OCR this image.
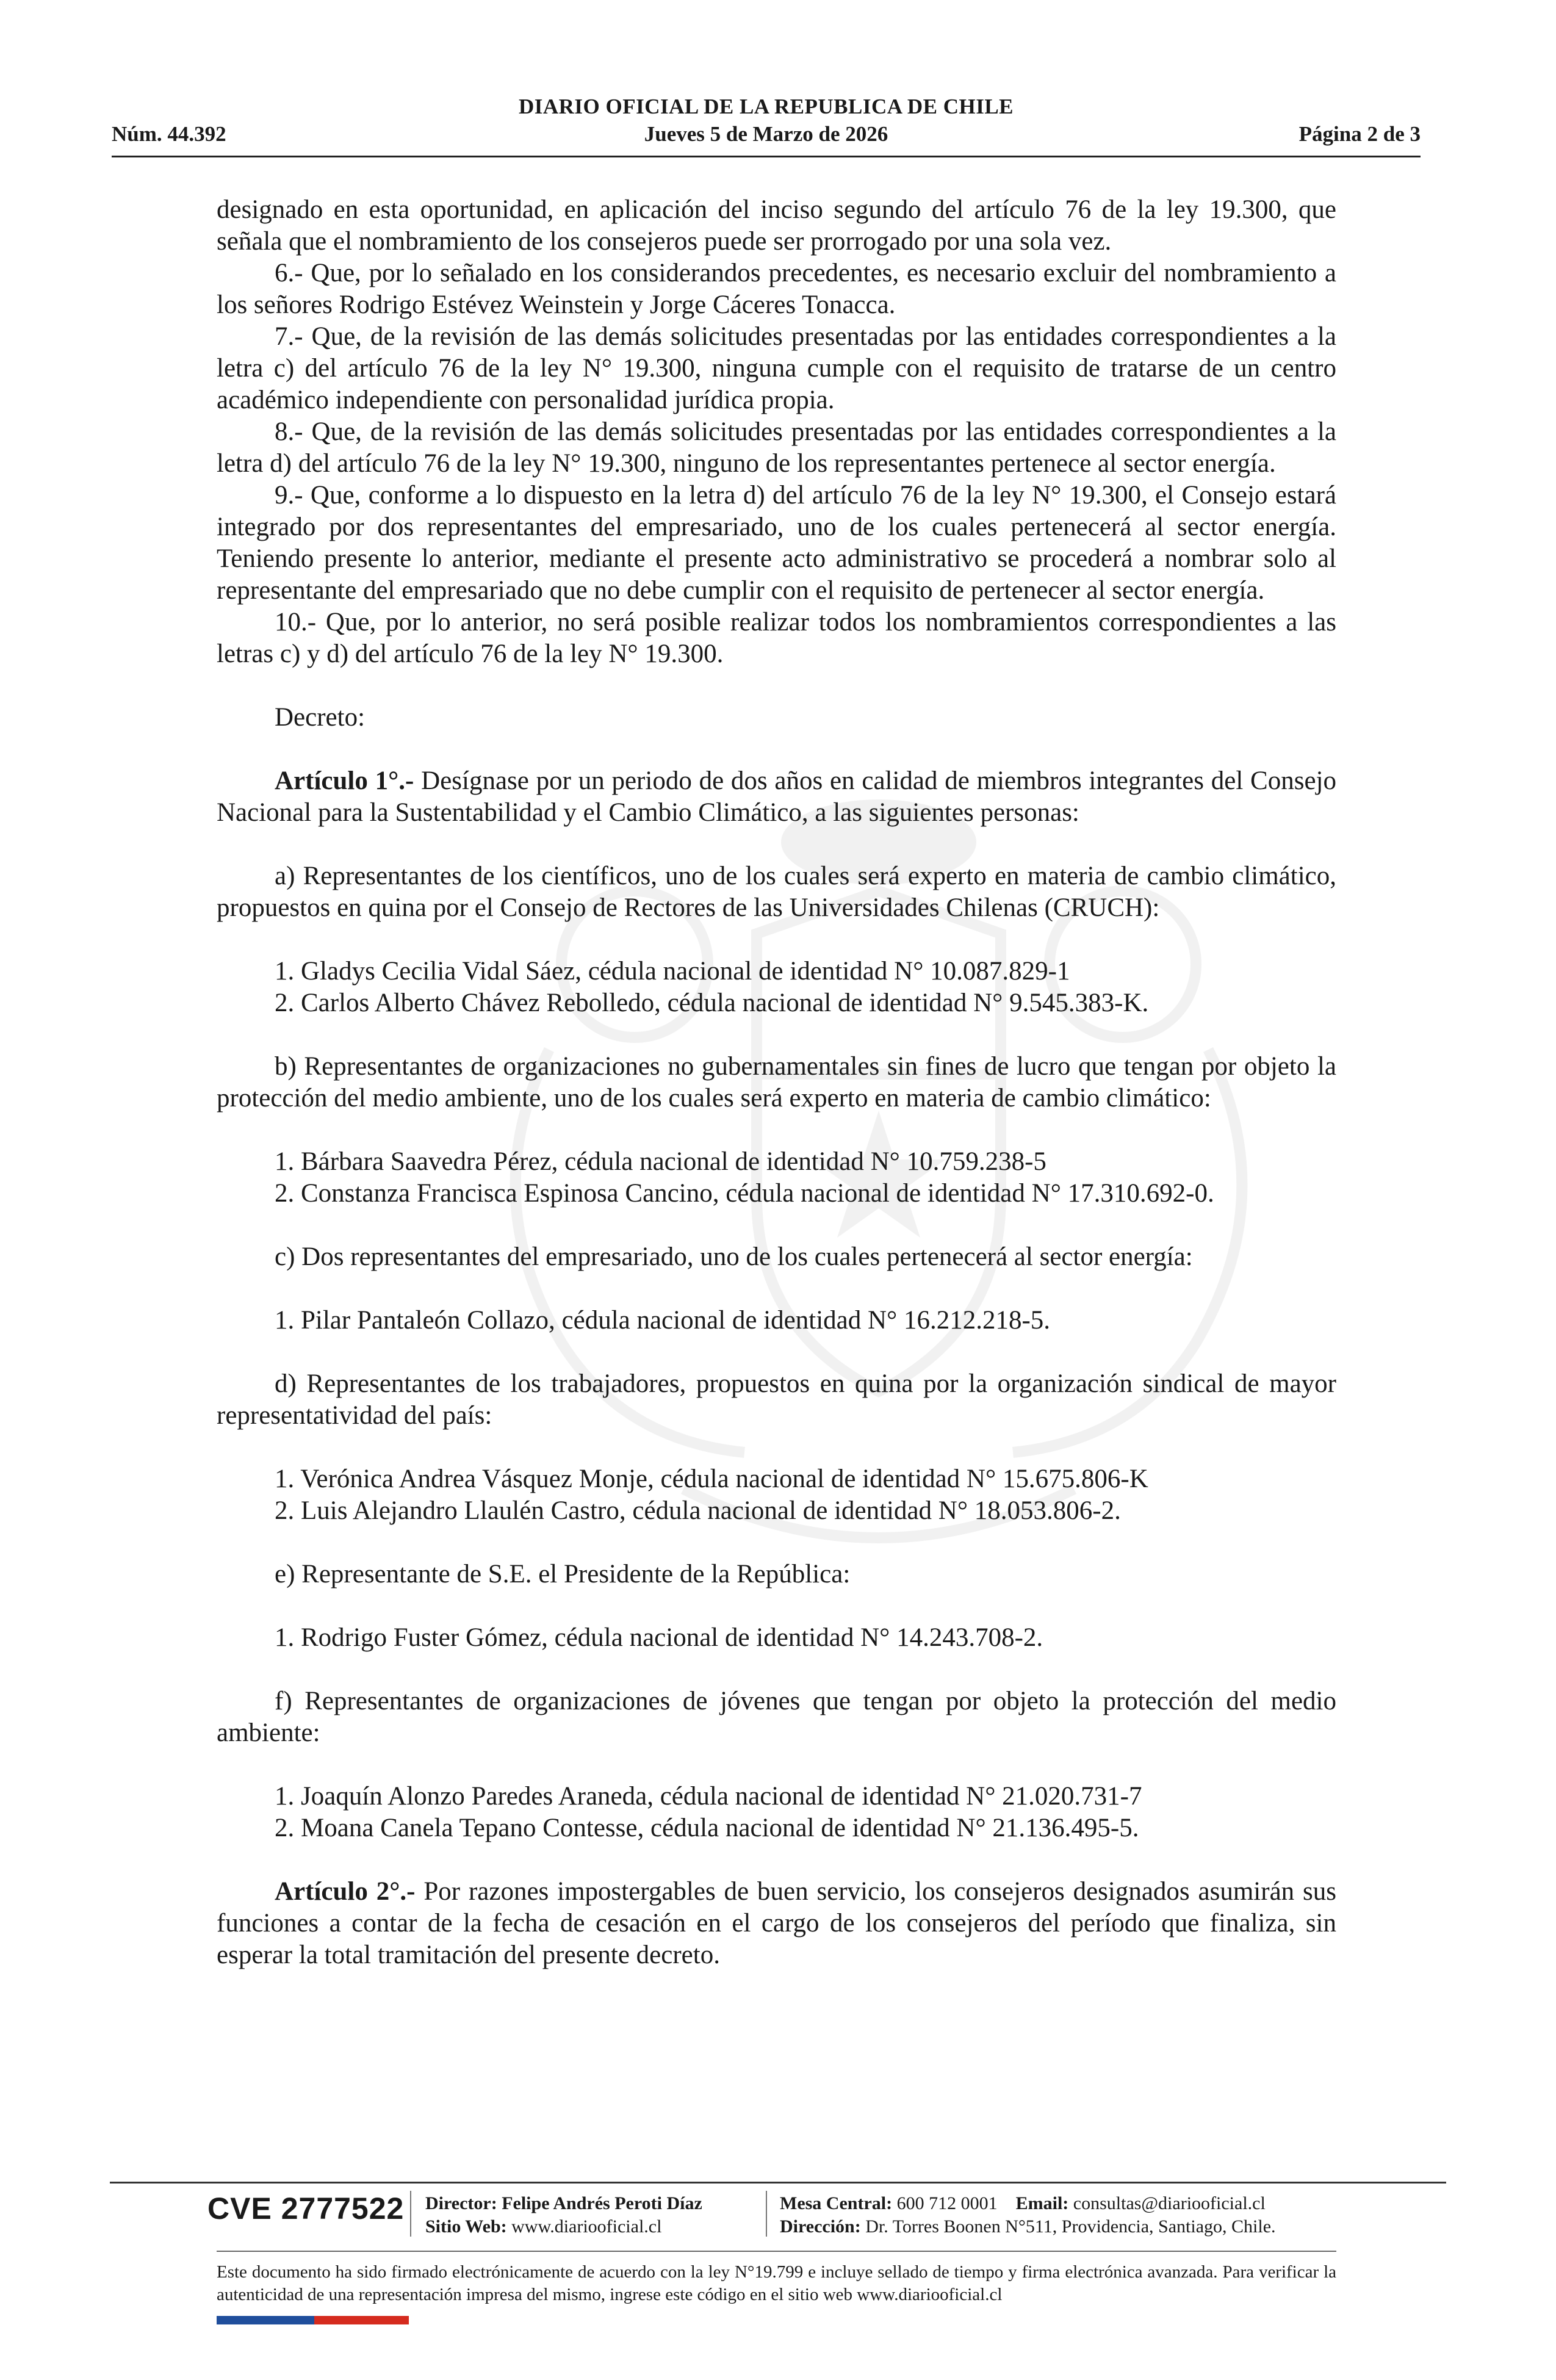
DIARIO OFICIAL DE LA REPUBLICA DE CHILE
Núm. 44.392	Jueves 5 de Marzo de 2026	Página 2 de 3

designado en esta oportunidad, en aplicación del inciso segundo del artículo 76 de la ley 19.300, que señala que el nombramiento de los consejeros puede ser prorrogado por una sola vez.

6.- Que, por lo señalado en los considerandos precedentes, es necesario excluir del nombramiento a los señores Rodrigo Estévez Weinstein y Jorge Cáceres Tonacca.

7.- Que, de la revisión de las demás solicitudes presentadas por las entidades correspondientes a la letra c) del artículo 76 de la ley N° 19.300, ninguna cumple con el requisito de tratarse de un centro académico independiente con personalidad jurídica propia.

8.- Que, de la revisión de las demás solicitudes presentadas por las entidades correspondientes a la letra d) del artículo 76 de la ley N° 19.300, ninguno de los representantes pertenece al sector energía.

9.- Que, conforme a lo dispuesto en la letra d) del artículo 76 de la ley N° 19.300, el Consejo estará integrado por dos representantes del empresariado, uno de los cuales pertenecerá al sector energía. Teniendo presente lo anterior, mediante el presente acto administrativo se procederá a nombrar solo al representante del empresariado que no debe cumplir con el requisito de pertenecer al sector energía.

10.- Que, por lo anterior, no será posible realizar todos los nombramientos correspondientes a las letras c) y d) del artículo 76 de la ley N° 19.300.

Decreto:

Artículo 1°.- Desígnase por un periodo de dos años en calidad de miembros integrantes del Consejo Nacional para la Sustentabilidad y el Cambio Climático, a las siguientes personas:

a) Representantes de los científicos, uno de los cuales será experto en materia de cambio climático, propuestos en quina por el Consejo de Rectores de las Universidades Chilenas (CRUCH):

1. Gladys Cecilia Vidal Sáez, cédula nacional de identidad N° 10.087.829-1

2. Carlos Alberto Chávez Rebolledo, cédula nacional de identidad N° 9.545.383-K.

b) Representantes de organizaciones no gubernamentales sin fines de lucro que tengan por objeto la protección del medio ambiente, uno de los cuales será experto en materia de cambio climático:

1. Bárbara Saavedra Pérez, cédula nacional de identidad N° 10.759.238-5

2. Constanza Francisca Espinosa Cancino, cédula nacional de identidad N° 17.310.692-0.

c) Dos representantes del empresariado, uno de los cuales pertenecerá al sector energía:

1. Pilar Pantaleón Collazo, cédula nacional de identidad N° 16.212.218-5.

d) Representantes de los trabajadores, propuestos en quina por la organización sindical de mayor representatividad del país:

1. Verónica Andrea Vásquez Monje, cédula nacional de identidad N° 15.675.806-K

2. Luis Alejandro Llaulén Castro, cédula nacional de identidad N° 18.053.806-2.

e) Representante de S.E. el Presidente de la República:

1. Rodrigo Fuster Gómez, cédula nacional de identidad N° 14.243.708-2.

f) Representantes de organizaciones de jóvenes que tengan por objeto la protección del medio ambiente:

1. Joaquín Alonzo Paredes Araneda, cédula nacional de identidad N° 21.020.731-7

2. Moana Canela Tepano Contesse, cédula nacional de identidad N° 21.136.495-5.

Artículo 2°.- Por razones impostergables de buen servicio, los consejeros designados asumirán sus funciones a contar de la fecha de cesación en el cargo de los consejeros del período que finaliza, sin esperar la total tramitación del presente decreto.

CVE 2777522 Director: Felipe Andrés Peroti Díaz
Sitio Web: www.diariooficial.cl
Mesa Central: 600 712 0001 Email: consultas@diariooficial.cl
Dirección: Dr. Torres Boonen N°511, Providencia, Santiago, Chile.
Este documento ha sido firmado electrónicamente de acuerdo con la ley N°19.799 e incluye sellado de tiempo y firma electrónica avanzada. Para verificar la autenticidad de una representación impresa del mismo, ingrese este código en el sitio web www.diariooficial.cl
